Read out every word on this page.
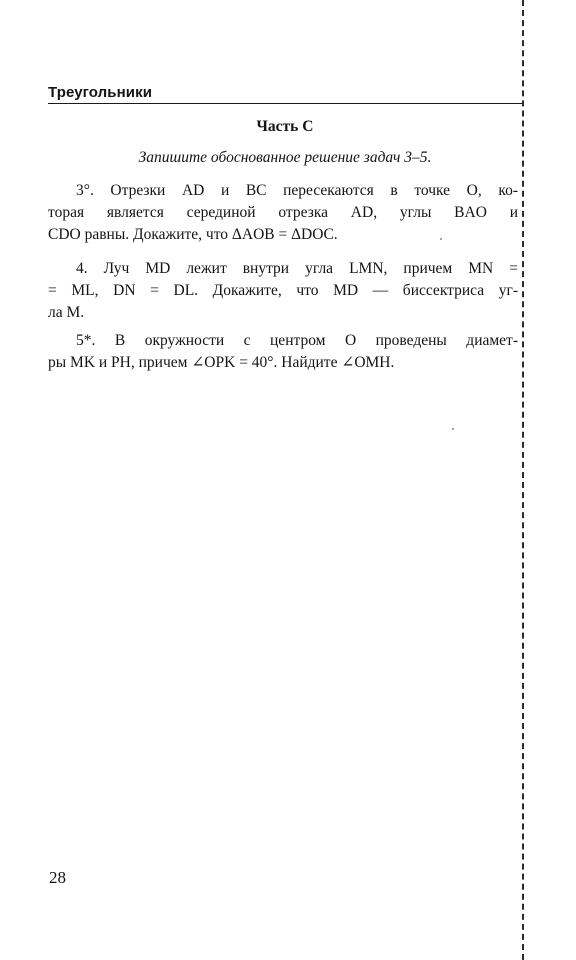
Треугольники
Часть С
Запишите обоснованное решение задач 3–5.
3°. Отрезки AD и BC пересекаются в точке O, ко-
торая является серединой отрезка AD, углы BAO и
CDO равны. Докажите, что ΔAOB = ΔDOC.
4. Луч MD лежит внутри угла LMN, причем MN =
= ML, DN = DL. Докажите, что MD — биссектриса уг-
ла M.
5*. В окружности с центром O проведены диамет-
ры MK и PH, причем ∠OPK = 40°. Найдите ∠OMH.
28
